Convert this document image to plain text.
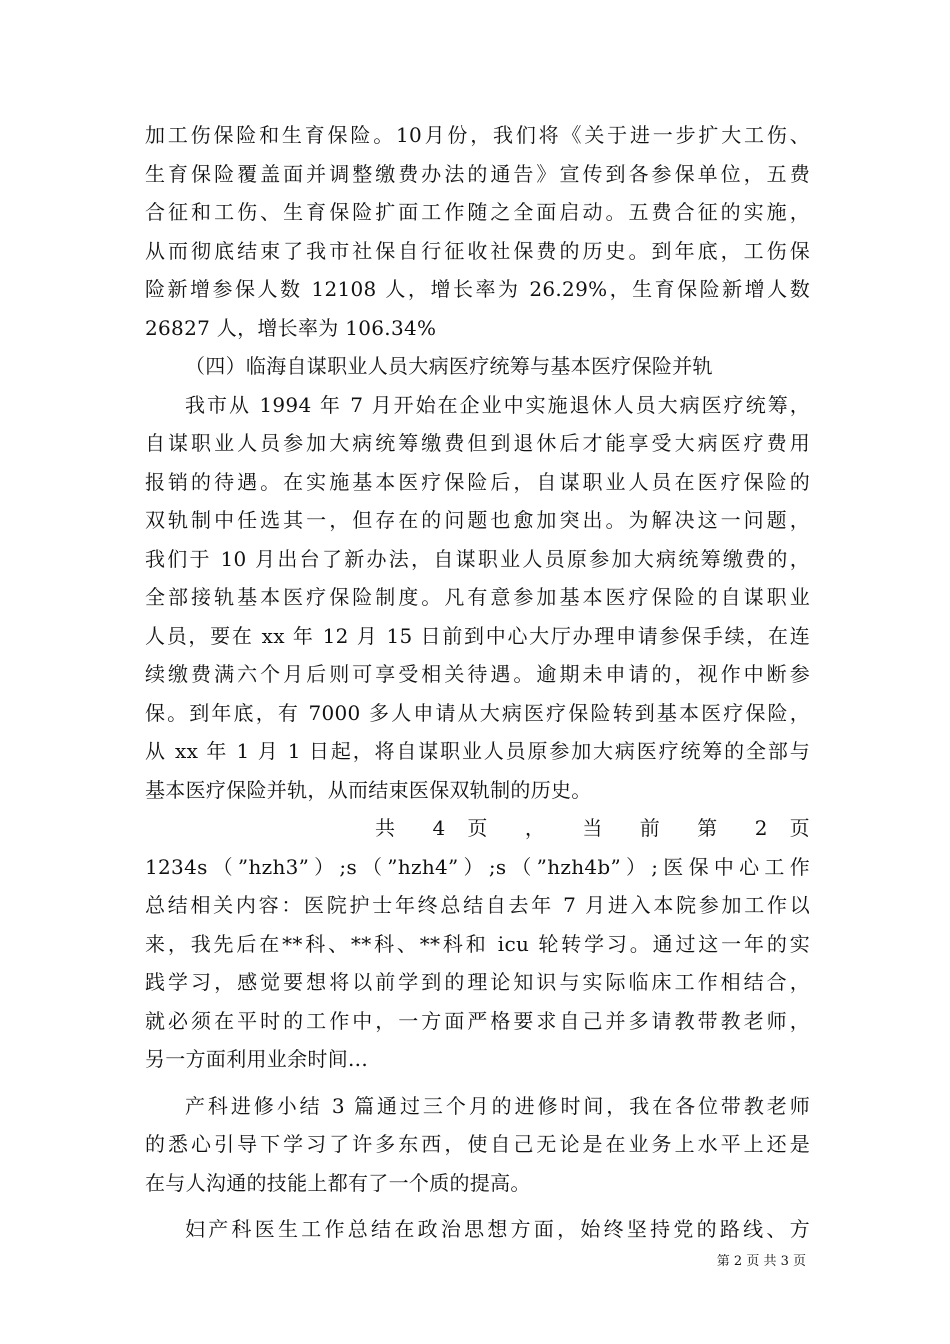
加工伤保险和生育保险。10月份，我们将《关于进一步扩大工伤、
生育保险覆盖面并调整缴费办法的通告》宣传到各参保单位，五费
合征和工伤、生育保险扩面工作随之全面启动。五费合征的实施，
从而彻底结束了我市社保自行征收社保费的历史。到年底，工伤保
险新增参保人数 12108 人，增长率为 26.29%，生育保险新增人数
26827 人，增长率为 106.34%
（四）临海自谋职业人员大病医疗统筹与基本医疗保险并轨
我市从 1994 年 7 月开始在企业中实施退休人员大病医疗统筹，
自谋职业人员参加大病统筹缴费但到退休后才能享受大病医疗费用
报销的待遇。在实施基本医疗保险后，自谋职业人员在医疗保险的
双轨制中任选其一，但存在的问题也愈加突出。为解决这一问题，
我们于 10 月出台了新办法，自谋职业人员原参加大病统筹缴费的，
全部接轨基本医疗保险制度。凡有意参加基本医疗保险的自谋职业
人员，要在 xx 年 12 月 15 日前到中心大厅办理申请参保手续，在连
续缴费满六个月后则可享受相关待遇。逾期未申请的，视作中断参
保。到年底，有 7000 多人申请从大病医疗保险转到基本医疗保险，
从 xx 年 1 月 1 日起，将自谋职业人员原参加大病医疗统筹的全部与
基本医疗保险并轨，从而结束医保双轨制的历史。
共 4 页 ， 当 前 第 2 页
1234s（”hzh3”）;s（”hzh4”）;s（”hzh4b”）;医保中心工作
总结相关内容：医院护士年终总结自去年 7 月进入本院参加工作以
来，我先后在**科、**科、**科和 icu 轮转学习。通过这一年的实
践学习，感觉要想将以前学到的理论知识与实际临床工作相结合，
就必须在平时的工作中，一方面严格要求自己并多请教带教老师，
另一方面利用业余时间...
产科进修小结 3 篇通过三个月的进修时间，我在各位带教老师
的悉心引导下学习了许多东西，使自己无论是在业务上水平上还是
在与人沟通的技能上都有了一个质的提高。
妇产科医生工作总结在政治思想方面，始终坚持党的路线、方
第 2 页 共 3 页
